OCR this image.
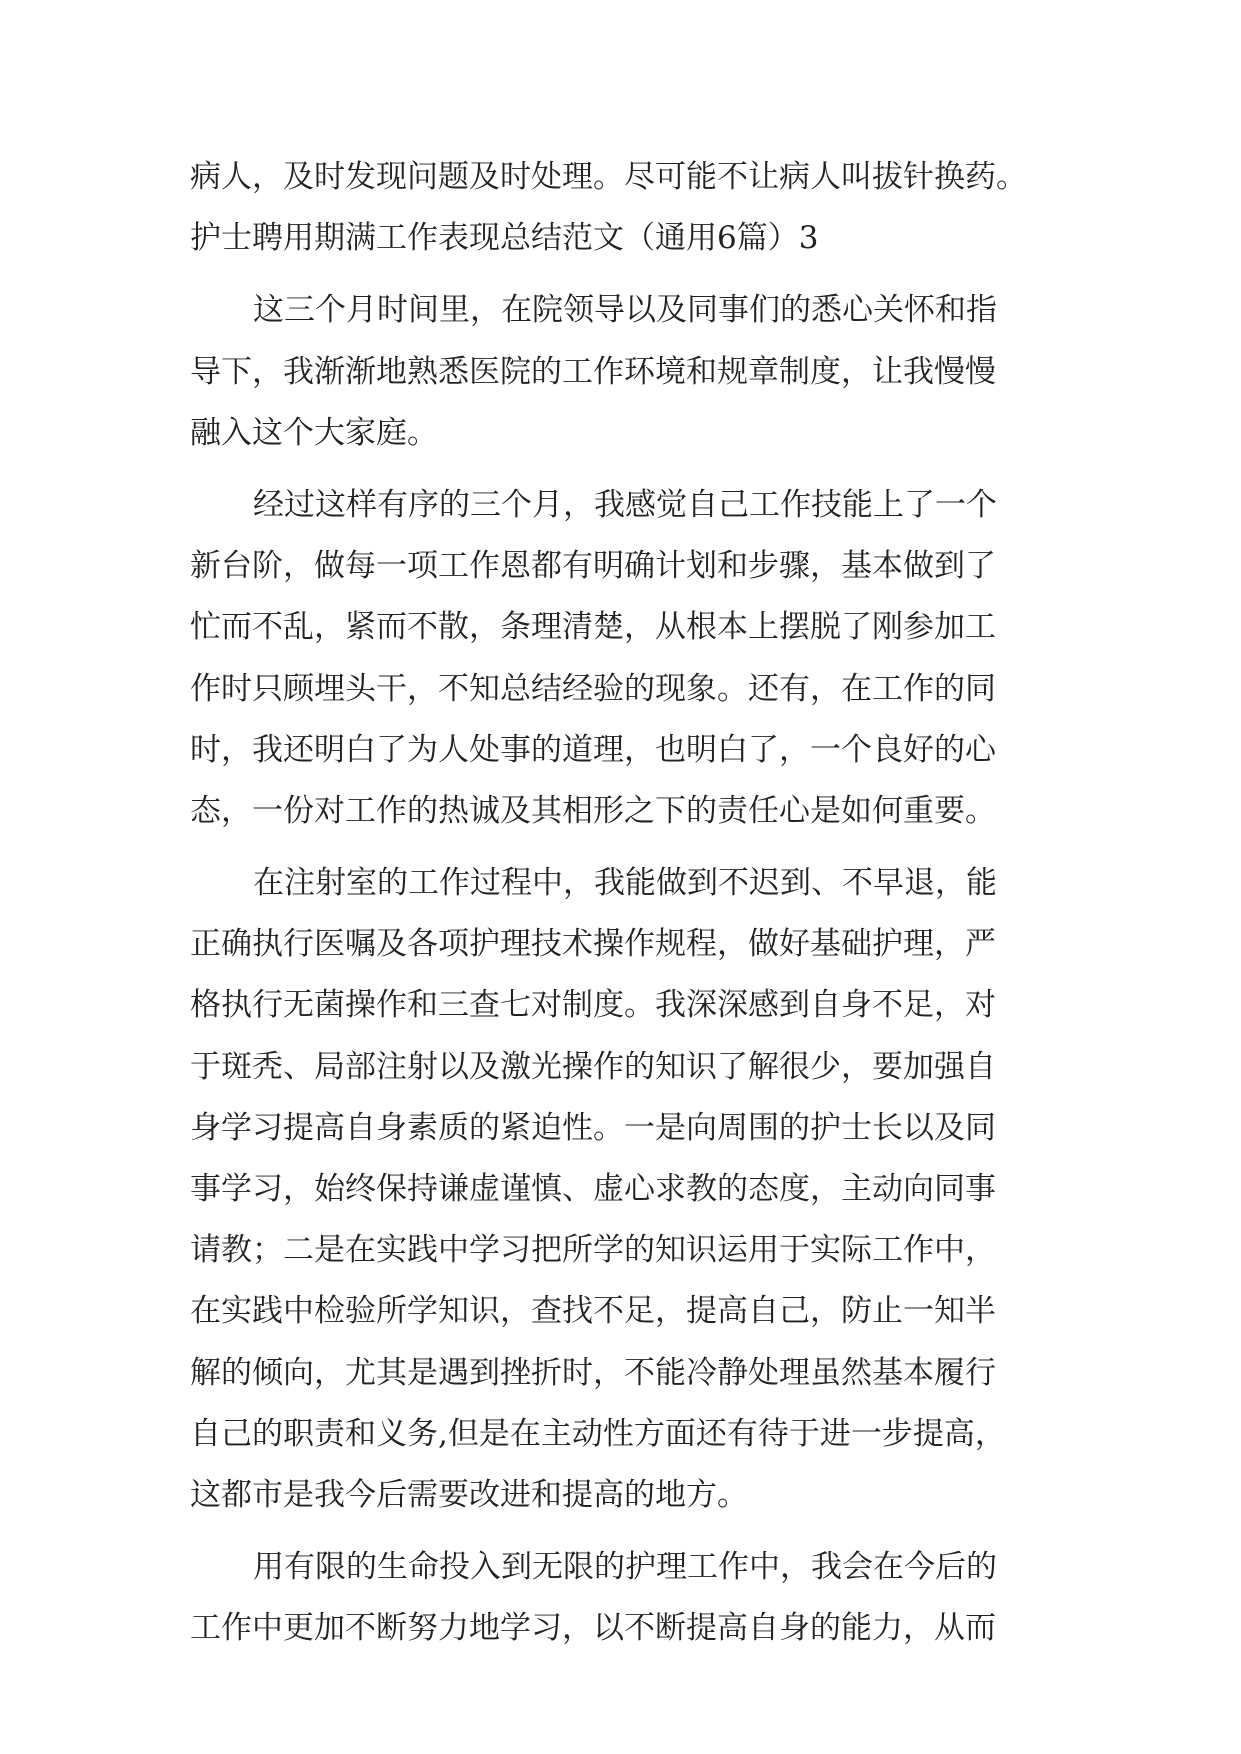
病人，及时发现问题及时处理。尽可能不让病人叫拔针换药。
护士聘用期满工作表现总结范文（通用6篇）3
这三个月时间里，在院领导以及同事们的悉心关怀和指
导下，我渐渐地熟悉医院的工作环境和规章制度，让我慢慢
融入这个大家庭。
经过这样有序的三个月，我感觉自己工作技能上了一个
新台阶，做每一项工作恩都有明确计划和步骤，基本做到了
忙而不乱，紧而不散，条理清楚，从根本上摆脱了刚参加工
作时只顾埋头干，不知总结经验的现象。还有，在工作的同
时，我还明白了为人处事的道理，也明白了，一个良好的心
态，一份对工作的热诚及其相形之下的责任心是如何重要。
在注射室的工作过程中，我能做到不迟到、不早退，能
正确执行医嘱及各项护理技术操作规程，做好基础护理，严
格执行无菌操作和三查七对制度。我深深感到自身不足，对
于斑秃、局部注射以及激光操作的知识了解很少，要加强自
身学习提高自身素质的紧迫性。一是向周围的护士长以及同
事学习，始终保持谦虚谨慎、虚心求教的态度，主动向同事
请教；二是在实践中学习把所学的知识运用于实际工作中，
在实践中检验所学知识，查找不足，提高自己，防止一知半
解的倾向，尤其是遇到挫折时，不能冷静处理虽然基本履行
自己的职责和义务,但是在主动性方面还有待于进一步提高，
这都市是我今后需要改进和提高的地方。
用有限的生命投入到无限的护理工作中，我会在今后的
工作中更加不断努力地学习，以不断提高自身的能力，从而
